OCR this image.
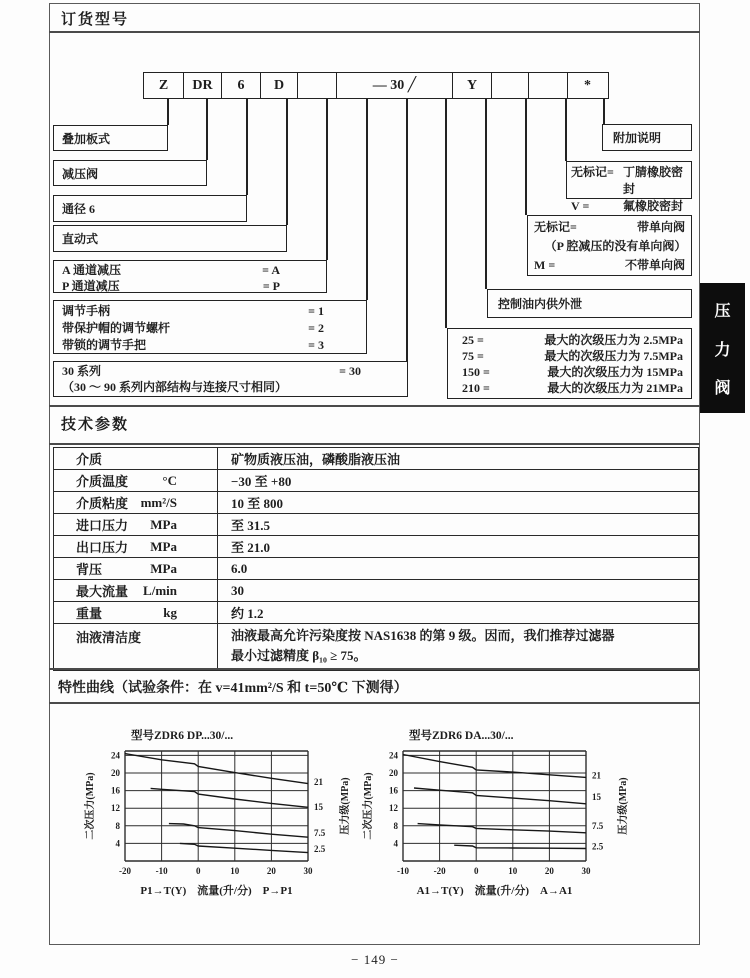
订货型号
Z	DR	6	D	— 30 ╱	Y	*
叠加板式
减压阀
通径 6
直动式
A 通道减压	= A
P 通道减压	= P
调节手柄	= 1
带保护帽的调节螺杆	= 2
带锁的调节手把	= 3
30 系列	= 30
（30 ～ 90 系列内部结构与连接尺寸相同）
附加说明
无标记= 丁腈橡胶密封
V =	氟橡胶密封
无标记=	带单向阀
（P 腔减压的没有单向阀）
M =	不带单向阀
控制油内供外泄
25 =	最大的次级压力为 2.5MPa
75 =	最大的次级压力为 7.5MPa
150 =	最大的次级压力为 15MPa
210 =	最大的次级压力为 21MPa
压
力
阀
技术参数
介质	矿物质液压油，磷酸脂液压油
介质温度	°C	−30 至 +80
介质粘度 mm²/S	10 至 800
进口压力 MPa	至 31.5
出口压力 MPa	至 21.0
背压	MPa	6.0
最大流量 L/min	30
重量	kg	约 1.2
油液清洁度	油液最高允许污染度按 NAS1638 的第 9 级。因而，我们推荐过滤器
最小过滤精度 β₁₀ ≥ 75。
特性曲线（试验条件：在 v=41mm²/S 和 t=50℃ 下测得）
-20	-10	0	10	20	30
4
8
12
16
20
24
21
15
7.5
2.5
型号ZDR6 DP...30/...
二次压力(MPa)	压力级(MPa)
P1→T(Y)　流量(升/分)　P→P1
-10	-20	0	10	20	30
4
8
12
16
20
24
21
15
7.5
2.5
型号ZDR6 DA...30/...
二次压力(MPa)	压力级(MPa)
A1→T(Y)　流量(升/分)　A→A1
− 149 −
